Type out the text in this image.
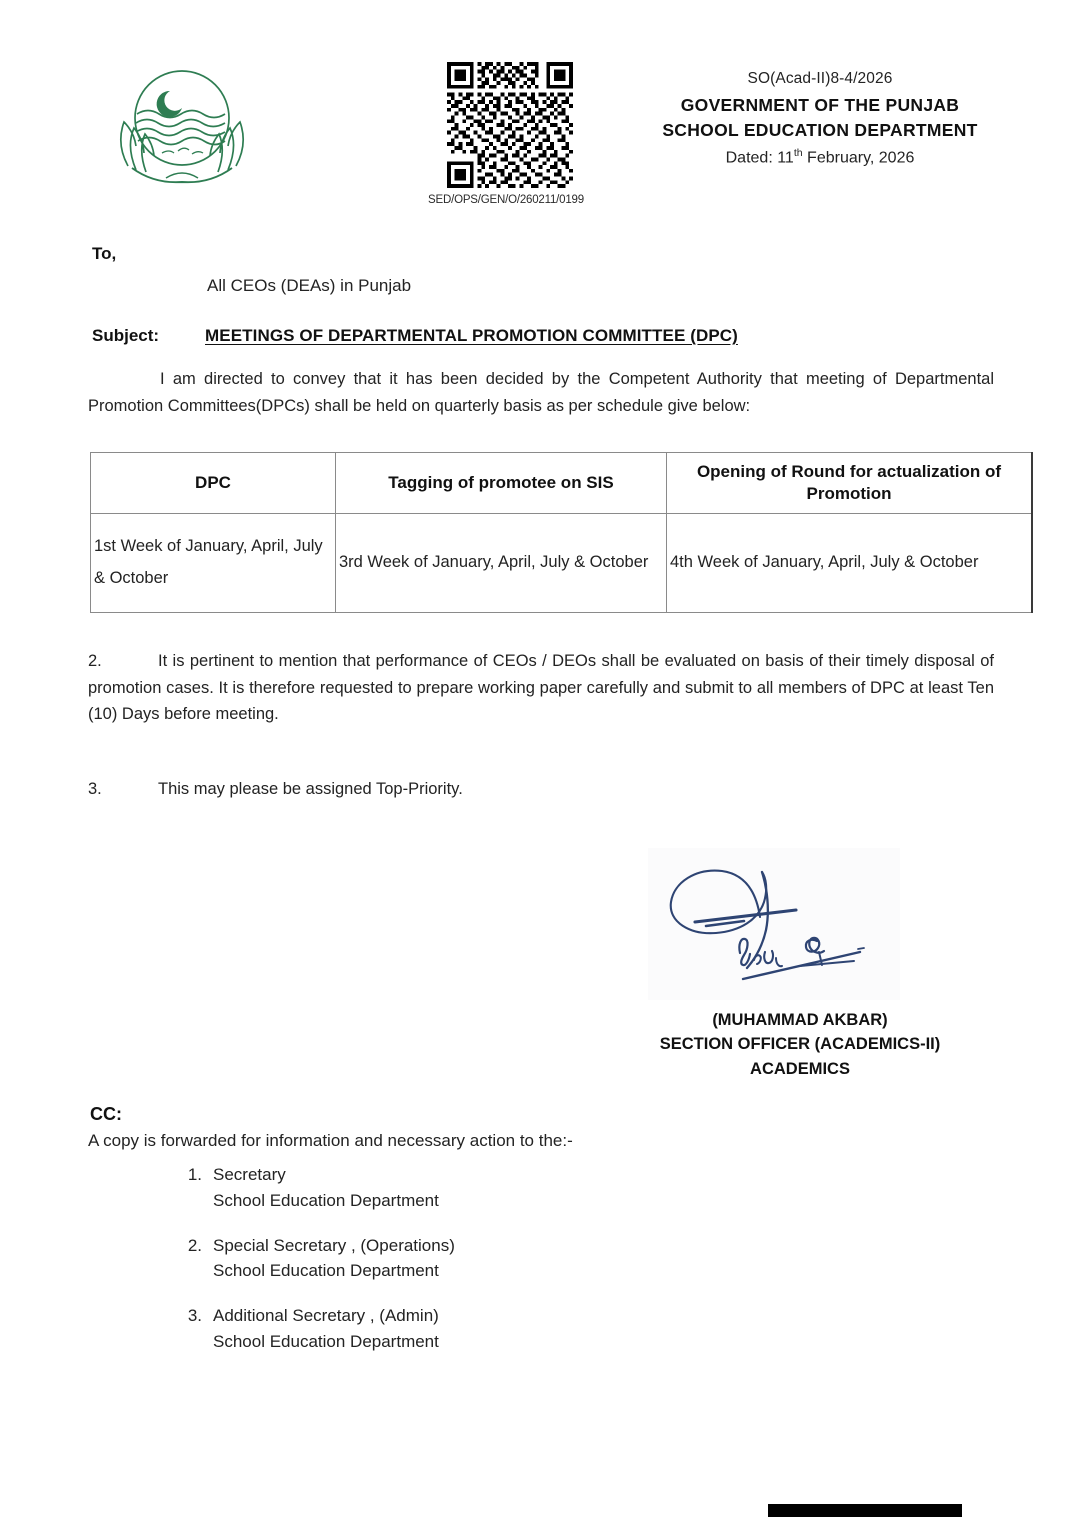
SED/OPS/GEN/O/260211/0199
SO(Acad-II)8-4/2026
GOVERNMENT OF THE PUNJAB
SCHOOL EDUCATION DEPARTMENT
Dated: 11th February, 2026
To,
All CEOs (DEAs) in Punjab
Subject:	MEETINGS OF DEPARTMENTAL PROMOTION COMMITTEE (DPC)
I am directed to convey that it has been decided by the Competent Authority that meeting of Departmental Promotion Committees(DPCs) shall be held on quarterly basis as per schedule give below:
DPC	Tagging of promotee on SIS	Opening of Round for actualization of Promotion
1st Week of January, April, July & October	3rd Week of January, April, July & October	4th Week of January, April, July & October
2.	It is pertinent to mention that performance of CEOs / DEOs shall be evaluated on basis of their timely disposal of promotion cases. It is therefore requested to prepare working paper carefully and submit to all members of DPC at least Ten (10) Days before meeting.
3.	This may please be assigned Top-Priority.
(MUHAMMAD AKBAR)
SECTION OFFICER (ACADEMICS-II)
ACADEMICS
CC:
A copy is forwarded for information and necessary action to the:-
1. Secretary
School Education Department
2. Special Secretary , (Operations)
School Education Department
3. Additional Secretary , (Admin)
School Education Department
